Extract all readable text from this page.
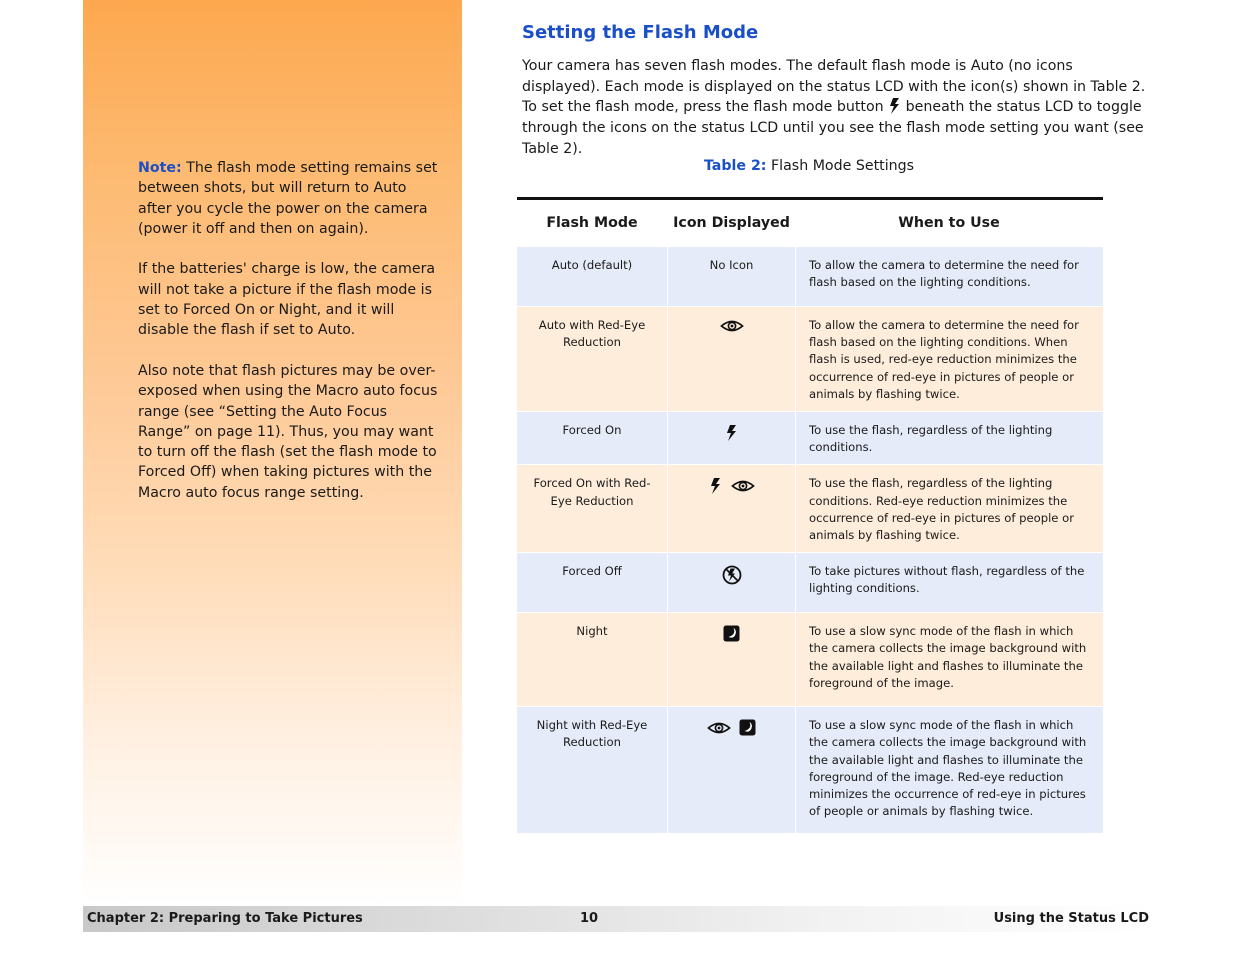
Note: The flash mode setting remains set between shots, but will return to Auto after you cycle the power on the camera (power it off and then on again).

If the batteries' charge is low, the camera will not take a picture if the flash mode is set to Forced On or Night, and it will disable the flash if set to Auto.

Also note that flash pictures may be over-exposed when using the Macro auto focus range (see “Setting the Auto Focus Range” on page 11). Thus, you may want to turn off the flash (set the flash mode to Forced Off) when taking pictures with the Macro auto focus range setting.

Setting the Flash Mode

Your camera has seven flash modes. The default flash mode is Auto (no icons displayed). Each mode is displayed on the status LCD with the icon(s) shown in Table 2. To set the flash mode, press the flash mode button beneath the status LCD to toggle through the icons on the status LCD until you see the flash mode setting you want (see Table 2).

Table 2: Flash Mode Settings
Flash Mode	Icon Displayed	When to Use
Auto (default)	No Icon	To allow the camera to determine the need for flash based on the lighting conditions.
Auto with Red-Eye Reduction		To allow the camera to determine the need for flash based on the lighting conditions. When flash is used, red-eye reduction minimizes the occurrence of red-eye in pictures of people or animals by flashing twice.
Forced On		To use the flash, regardless of the lighting conditions.
Forced On with Red-Eye Reduction		To use the flash, regardless of the lighting conditions. Red-eye reduction minimizes the occurrence of red-eye in pictures of people or animals by flashing twice.
Forced Off		To take pictures without flash, regardless of the lighting conditions.
Night		To use a slow sync mode of the flash in which the camera collects the image background with the available light and flashes to illuminate the foreground of the image.
Night with Red-Eye Reduction		To use a slow sync mode of the flash in which the camera collects the image background with the available light and flashes to illuminate the foreground of the image. Red-eye reduction minimizes the occurrence of red-eye in pictures of people or animals by flashing twice.
Chapter 2: Preparing to Take Pictures	10	Using the Status LCD
